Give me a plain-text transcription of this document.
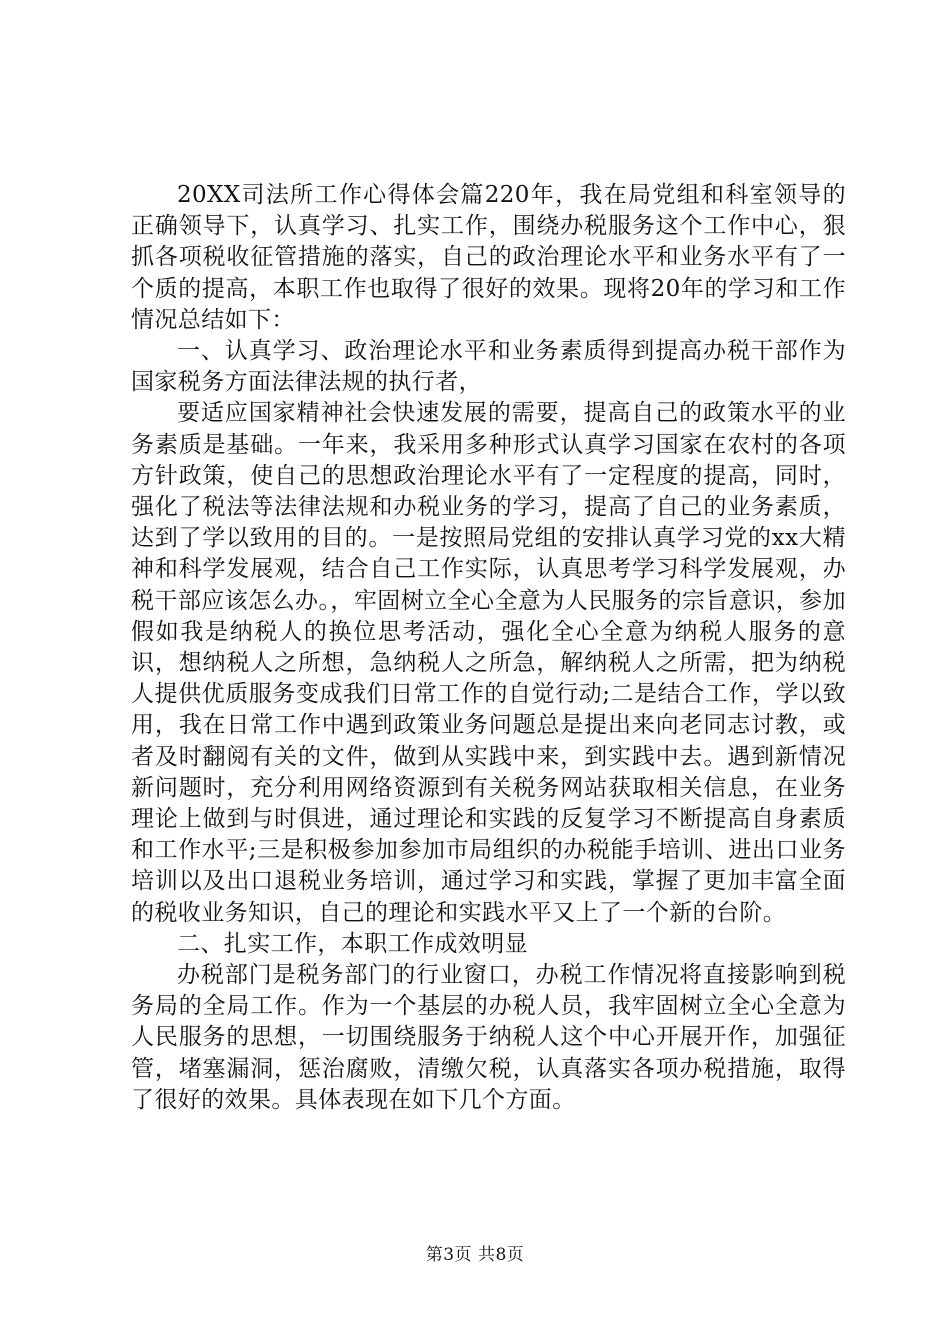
20XX司法所工作心得体会篇220年，我在局党组和科室领导的正确领导下，认真学习、扎实工作，围绕办税服务这个工作中心，狠抓各项税收征管措施的落实，自己的政治理论水平和业务水平有了一个质的提高，本职工作也取得了很好的效果。现将20年的学习和工作情况总结如下：

一、认真学习、政治理论水平和业务素质得到提高办税干部作为国家税务方面法律法规的执行者，

要适应国家精神社会快速发展的需要，提高自己的政策水平的业务素质是基础。一年来，我采用多种形式认真学习国家在农村的各项方针政策，使自己的思想政治理论水平有了一定程度的提高，同时，强化了税法等法律法规和办税业务的学习，提高了自己的业务素质，达到了学以致用的目的。一是按照局党组的安排认真学习党的xx大精神和科学发展观，结合自己工作实际，认真思考学习科学发展观，办税干部应该怎么办。，牢固树立全心全意为人民服务的宗旨意识，参加假如我是纳税人的换位思考活动，强化全心全意为纳税人服务的意识，想纳税人之所想，急纳税人之所急，解纳税人之所需，把为纳税人提供优质服务变成我们日常工作的自觉行动;二是结合工作，学以致用，我在日常工作中遇到政策业务问题总是提出来向老同志讨教，或者及时翻阅有关的文件，做到从实践中来，到实践中去。遇到新情况新问题时，充分利用网络资源到有关税务网站获取相关信息，在业务理论上做到与时俱进，通过理论和实践的反复学习不断提高自身素质和工作水平;三是积极参加参加市局组织的办税能手培训、进出口业务培训以及出口退税业务培训，通过学习和实践，掌握了更加丰富全面的税收业务知识，自己的理论和实践水平又上了一个新的台阶。

二、扎实工作，本职工作成效明显

办税部门是税务部门的行业窗口，办税工作情况将直接影响到税务局的全局工作。作为一个基层的办税人员，我牢固树立全心全意为人民服务的思想，一切围绕服务于纳税人这个中心开展开作，加强征管，堵塞漏洞，惩治腐败，清缴欠税，认真落实各项办税措施，取得了很好的效果。具体表现在如下几个方面。

第3页 共8页
